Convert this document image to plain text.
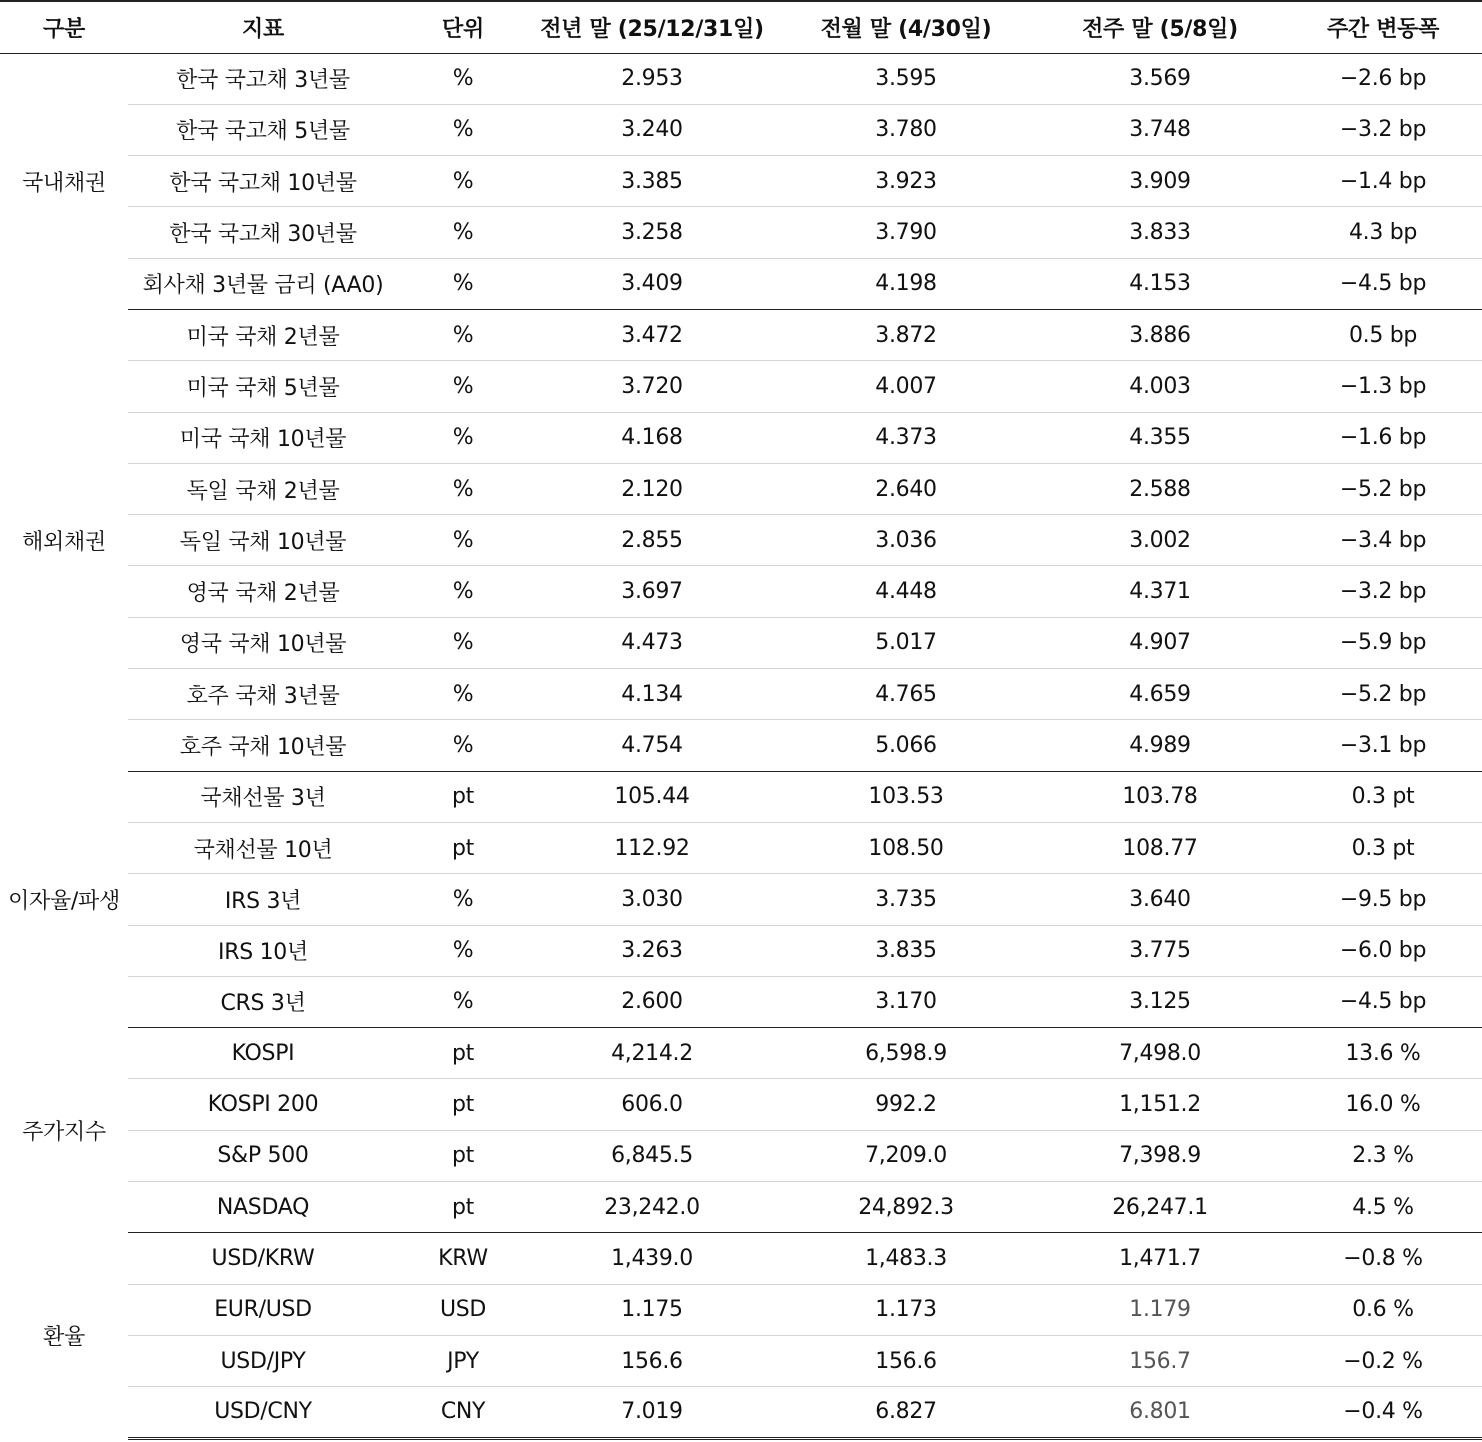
구분	지표	단위	전년 말 (25/12/31일)	전월 말 (4/30일)	전주 말 (5/8일)	주간 변동폭
국내채권	한국 국고채 3년물	%	2.953	3.595	3.569	−2.6 bp
	한국 국고채 5년물	%	3.240	3.780	3.748	−3.2 bp
	한국 국고채 10년물	%	3.385	3.923	3.909	−1.4 bp
	한국 국고채 30년물	%	3.258	3.790	3.833	4.3 bp
	회사채 3년물 금리 (AA0)	%	3.409	4.198	4.153	−4.5 bp
해외채권	미국 국채 2년물	%	3.472	3.872	3.886	0.5 bp
	미국 국채 5년물	%	3.720	4.007	4.003	−1.3 bp
	미국 국채 10년물	%	4.168	4.373	4.355	−1.6 bp
	독일 국채 2년물	%	2.120	2.640	2.588	−5.2 bp
	독일 국채 10년물	%	2.855	3.036	3.002	−3.4 bp
	영국 국채 2년물	%	3.697	4.448	4.371	−3.2 bp
	영국 국채 10년물	%	4.473	5.017	4.907	−5.9 bp
	호주 국채 3년물	%	4.134	4.765	4.659	−5.2 bp
	호주 국채 10년물	%	4.754	5.066	4.989	−3.1 bp
이자율/파생	국채선물 3년	pt	105.44	103.53	103.78	0.3 pt
	국채선물 10년	pt	112.92	108.50	108.77	0.3 pt
	IRS 3년	%	3.030	3.735	3.640	−9.5 bp
	IRS 10년	%	3.263	3.835	3.775	−6.0 bp
	CRS 3년	%	2.600	3.170	3.125	−4.5 bp
주가지수	KOSPI	pt	4,214.2	6,598.9	7,498.0	13.6 %
	KOSPI 200	pt	606.0	992.2	1,151.2	16.0 %
	S&P 500	pt	6,845.5	7,209.0	7,398.9	2.3 %
	NASDAQ	pt	23,242.0	24,892.3	26,247.1	4.5 %
환율	USD/KRW	KRW	1,439.0	1,483.3	1,471.7	−0.8 %
	EUR/USD	USD	1.175	1.173	1.179	0.6 %
	USD/JPY	JPY	156.6	156.6	156.7	−0.2 %
	USD/CNY	CNY	7.019	6.827	6.801	−0.4 %
